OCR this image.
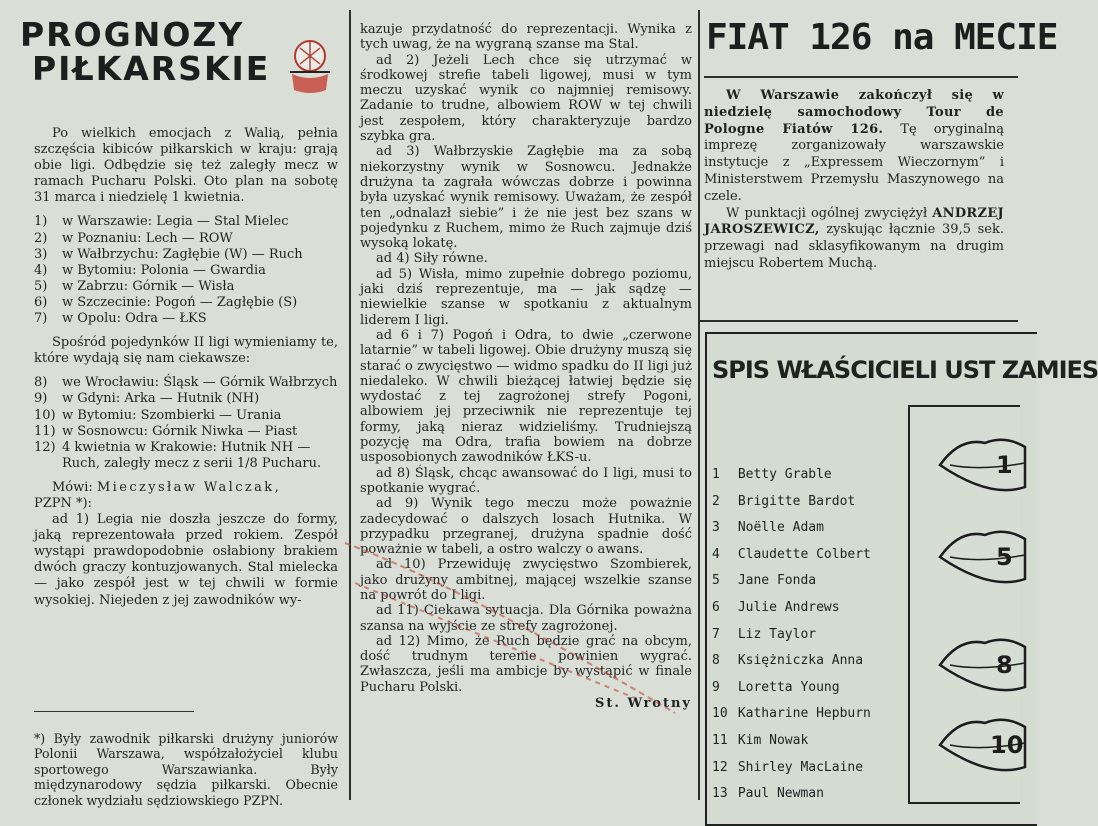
PROGNOZY
PIŁKARSKIE

Po wielkich emocjach z Walią, pełnia szczęścia kibiców piłkarskich w kraju: grają obie ligi. Odbędzie się też zaległy mecz w ramach Pucharu Polski. Oto plan na sobotę 31 marca i niedzielę 1 kwietnia.

1)	w Warszawie: Legia — Stal Mielec
2)	w Poznaniu: Lech — ROW
3)	w Wałbrzychu: Zagłębie (W) — Ruch
4)	w Bytomiu: Polonia — Gwardia
5)	w Zabrzu: Górnik — Wisła
6)	w Szczecinie: Pogoń — Zagłębie (S)
7)	w Opolu: Odra — ŁKS

Spośród pojedynków II ligi wymieniamy te, które wydają się nam ciekawsze:

8)	we Wrocławiu: Śląsk — Górnik Wałbrzych
9)	w Gdyni: Arka — Hutnik (NH)
10) w Bytomiu: Szombierki — Urania
11) w Sosnowcu: Górnik Niwka — Piast
12) 4 kwietnia w Krakowie: Hutnik NH — Ruch, zaległy mecz z serii 1/8 Pucharu.

Mówi: Mieczysław Walczak,

PZPN *):

ad 1) Legia nie doszła jeszcze do formy, jaką reprezentowała przed rokiem. Zespół wystąpi prawdopodobnie osłabiony brakiem dwóch graczy kontuzjowanych. Stal mielecka — jako zespół jest w tej chwili w formie wysokiej. Niejeden z jej zawodników wy-

*) Były zawodnik piłkarski drużyny juniorów Polonii Warszawa, współzałożyciel klubu sportowego Warszawianka. Były międzynarodowy sędzia piłkarski. Obecnie członek wydziału sędziowskiego PZPN.

kazuje przydatność do reprezentacji. Wynika z tych uwag, że na wygraną szanse ma Stal.

ad 2) Jeżeli Lech chce się utrzymać w środkowej strefie tabeli ligowej, musi w tym meczu uzyskać wynik co najmniej remisowy. Zadanie to trudne, albowiem ROW w tej chwili jest zespołem, który charakteryzuje bardzo szybka gra.

ad 3) Wałbrzyskie Zagłębie ma za sobą niekorzystny wynik w Sosnowcu. Jednakże drużyna ta zagrała wówczas dobrze i powinna była uzyskać wynik remisowy. Uważam, że zespół ten „odnalazł siebie” i że nie jest bez szans w pojedynku z Ruchem, mimo że Ruch zajmuje dziś wysoką lokatę.

ad 4) Siły równe.

ad 5) Wisła, mimo zupełnie dobrego poziomu, jaki dziś reprezentuje, ma — jak sądzę — niewielkie szanse w spotkaniu z aktualnym liderem I ligi.

ad 6 i 7) Pogoń i Odra, to dwie „czerwone latarnie” w tabeli ligowej. Obie drużyny muszą się starać o zwycięstwo — widmo spadku do II ligi już niedaleko. W chwili bieżącej łatwiej będzie się wydostać z tej zagrożonej strefy Pogoni, albowiem jej przeciwnik nie reprezentuje tej formy, jaką nieraz widzieliśmy. Trudniejszą pozycję ma Odra, trafia bowiem na dobrze usposobionych zawodników ŁKS-u.

ad 8) Śląsk, chcąc awansować do I ligi, musi to spotkanie wygrać.

ad 9) Wynik tego meczu może poważnie zadecydować o dalszych losach Hutnika. W przypadku przegranej, drużyna spadnie dość poważnie w tabeli, a ostro walczy o awans.

ad 10) Przewiduję zwycięstwo Szombierek, jako drużyny ambitnej, mającej wszelkie szanse na powrót do I ligi.

ad 11) Ciekawa sytuacja. Dla Górnika poważna szansa na wyjście ze strefy zagrożonej.

ad 12) Mimo, że Ruch będzie grać na obcym, dość trudnym terenie powinien wygrać. Zwłaszcza, jeśli ma ambicje by wystąpić w finale Pucharu Polski.

St. Wrotny
FIAT 126 na MECIE

W Warszawie zakończył się w niedzielę samochodowy Tour de Pologne Fiatów 126. Tę oryginalną imprezę zorganizowały warszawskie instytucje z „Expressem Wieczornym” i Ministerstwem Przemysłu Maszynowego na czele.

W punktacji ogólnej zwyciężył ANDRZEJ JAROSZEWICZ, zyskując łącznie 39,5 sek. przewagi nad sklasyfikowanym na drugim miejscu Robertem Muchą.

SPIS WŁAŚCICIELI UST ZAMIES
1 Betty Grable
2 Brigitte Bardot
3 Noëlle Adam
4 Claudette Colbert
5 Jane Fonda
6 Julie Andrews
7 Liz Taylor
8 Księżniczka Anna
9 Loretta Young
10 Katharine Hepburn
11 Kim Nowak
12 Shirley MacLaine
13 Paul Newman
1
5
8
10
